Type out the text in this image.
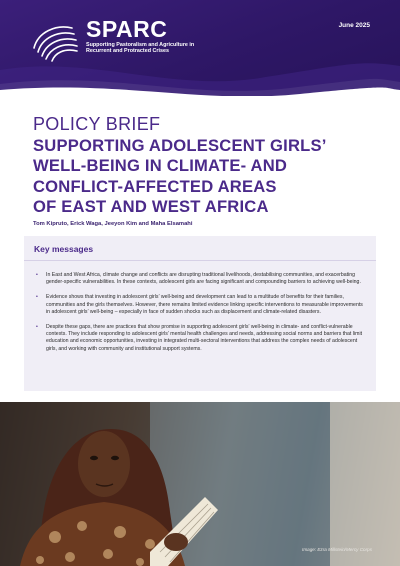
SPARC
Supporting Pastoralism and Agriculture in Recurrent and Protracted Crises
June 2025
POLICY BRIEF
SUPPORTING ADOLESCENT GIRLS’
WELL-BEING IN CLIMATE- AND
CONFLICT-AFFECTED AREAS
OF EAST AND WEST AFRICA
Tom Kipruto, Erick Waga, Jeeyon Kim and Maha Elsamahi
Key messages
• In East and West Africa, climate change and conflicts are disrupting traditional livelihoods, destabilising communities, and exacerbating gender-specific vulnerabilities. In these contexts, adolescent girls are facing significant and compounding barriers to achieving well-being.
• Evidence shows that investing in adolescent girls’ well-being and development can lead to a multitude of benefits for their families, communities and the girls themselves. However, there remains limited evidence linking specific interventions to measurable improvements in adolescent girls’ well-being – especially in face of sudden shocks such as displacement and climate-related disasters.
• Despite these gaps, there are practices that show promise in supporting adolescent girls’ well-being in climate- and conflict-vulnerable contexts. They include responding to adolescent girls’ mental health challenges and needs, addressing social norms and barriers that limit education and economic opportunities, investing in integrated multi-sectoral interventions that address the complex needs of adolescent girls, and working with community and institutional support systems.
Image: Ezra Millstein/Mercy Corps
